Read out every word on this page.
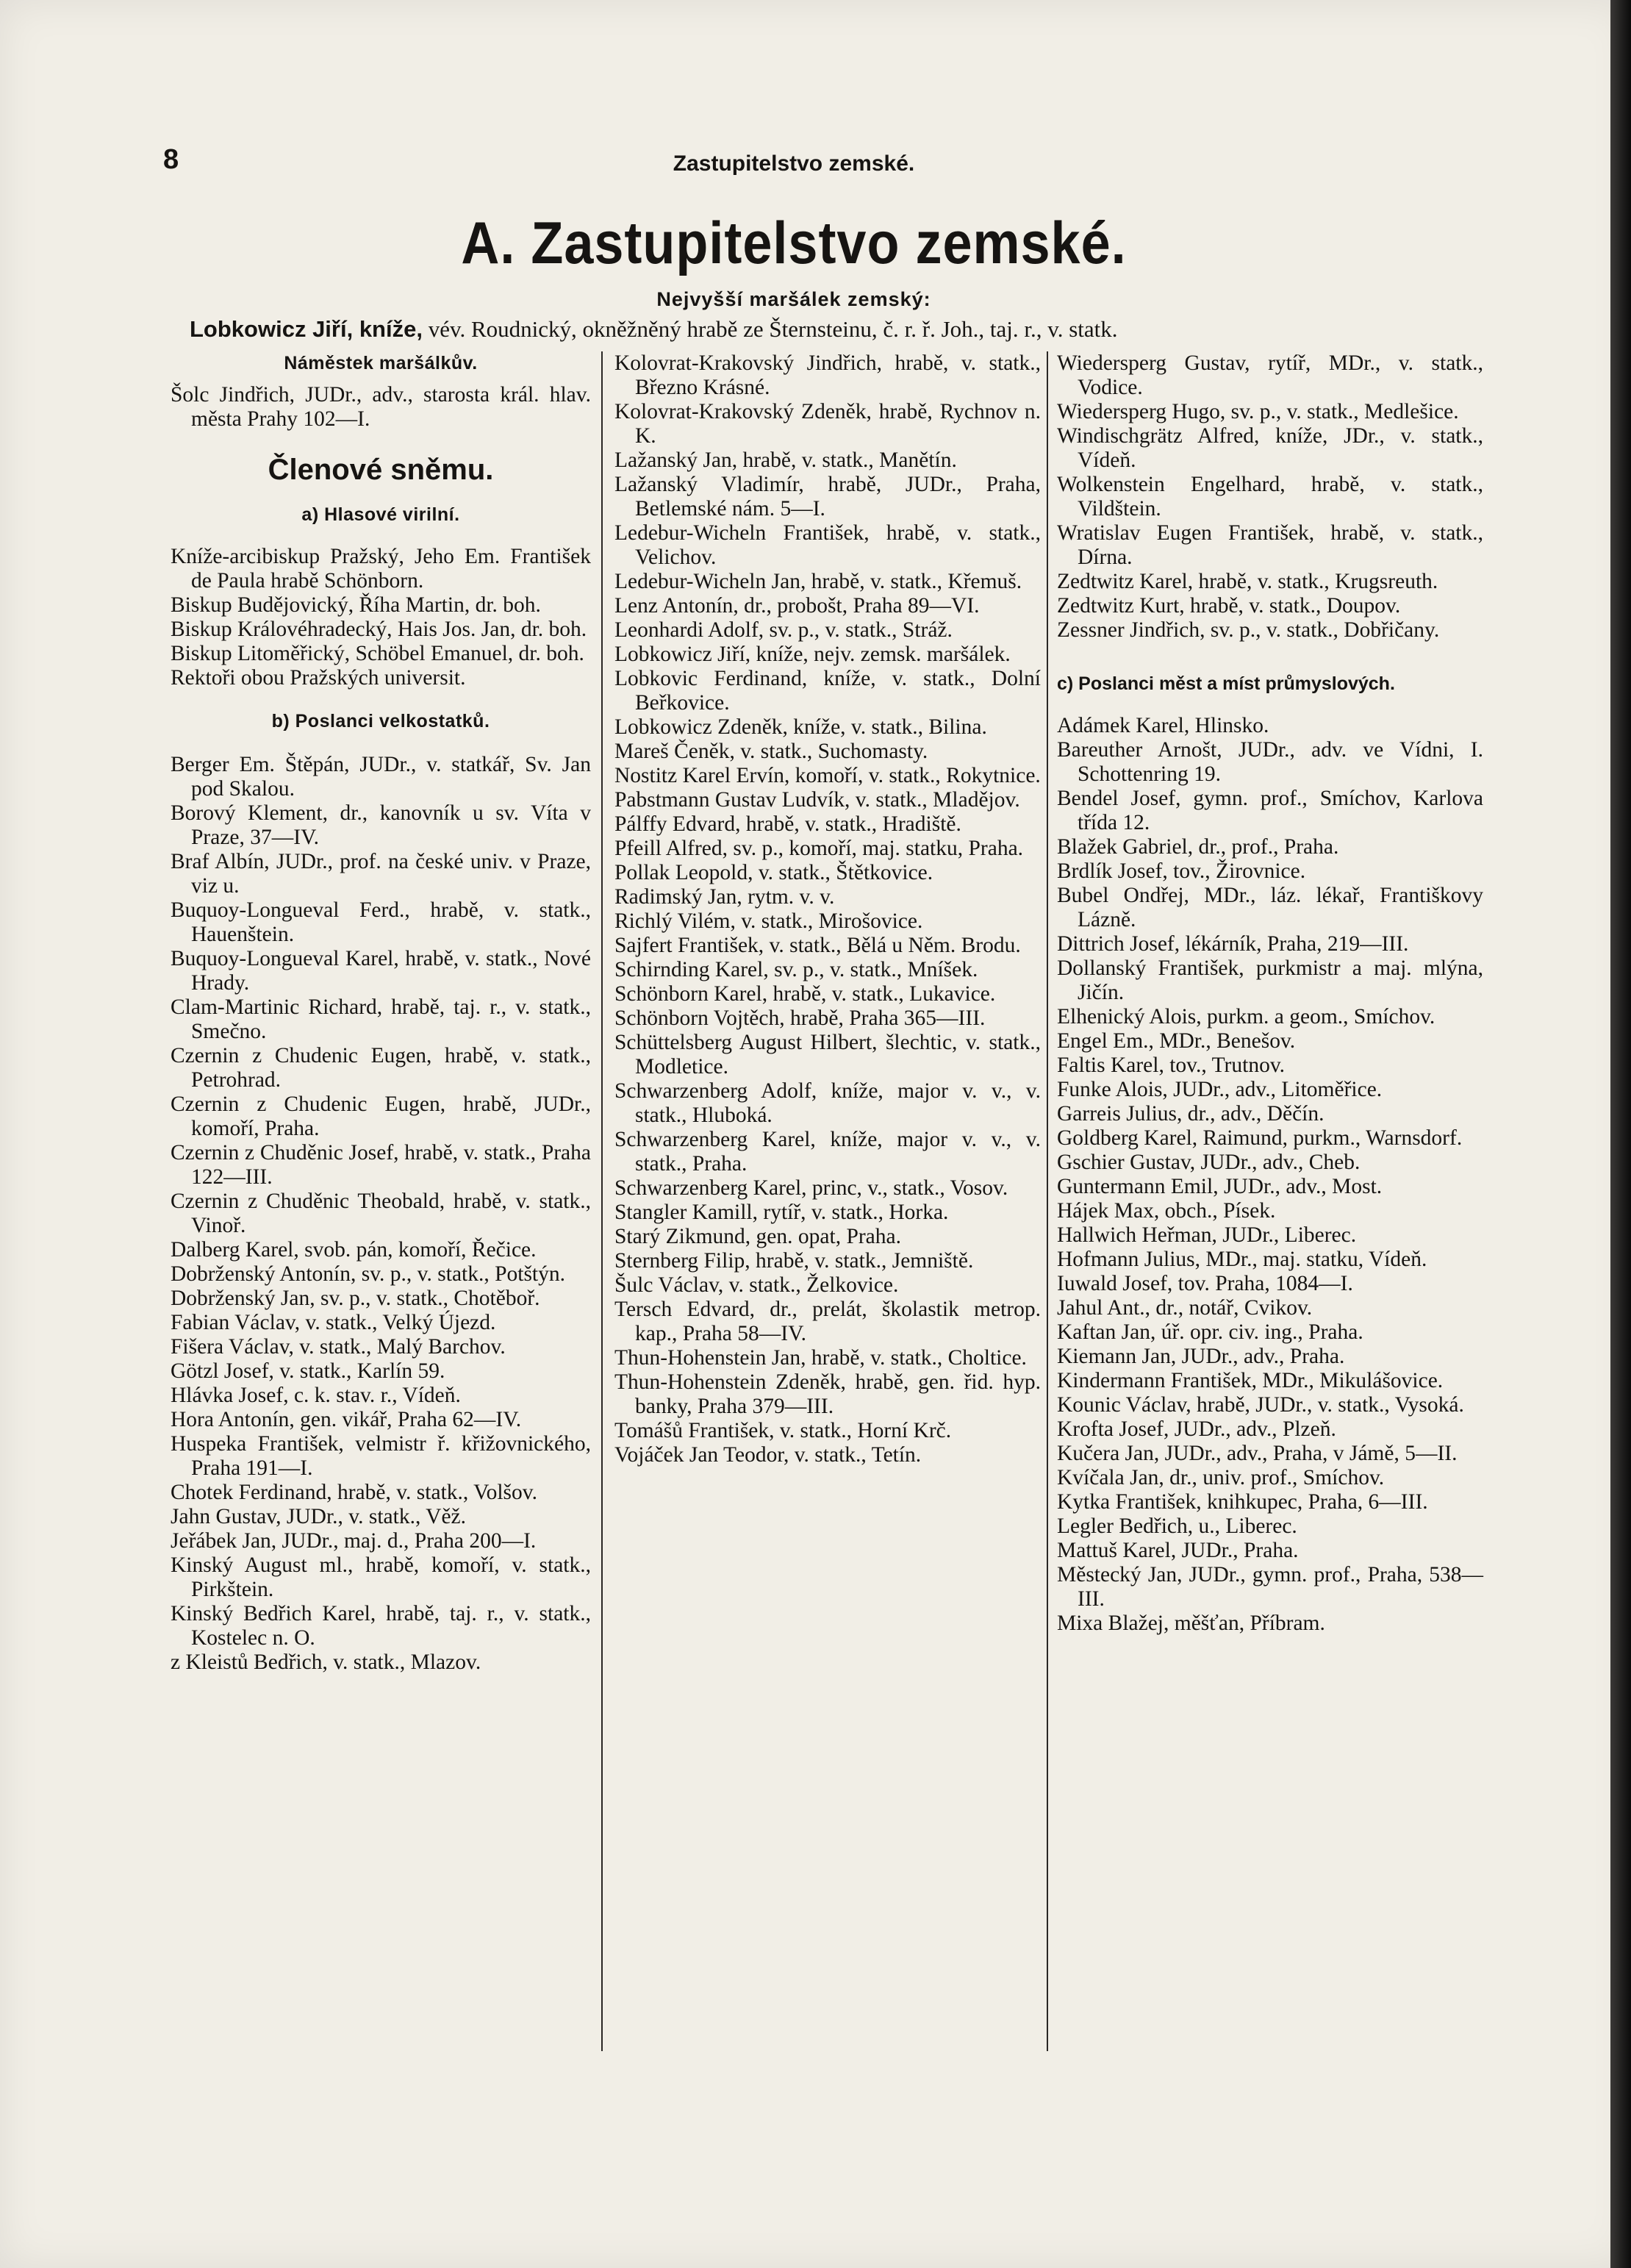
8	Zastupitelstvo zemské.
A. Zastupitelstvo zemské.
Nejvyšší maršálek zemský:
Lobkowicz Jiří, kníže, vév. Roudnický, okněžněný hrabě ze Šternsteinu, č. r. ř. Joh., taj. r., v. statk.
Náměstek maršálkův.

Šolc Jindřich, JUDr., adv., starosta král. hlav. města Prahy 102—I.

Členové sněmu.
a) Hlasové virilní.

Kníže-arcibiskup Pražský, Jeho Em. František de Paula hrabě Schönborn.

Biskup Budějovický, Říha Martin, dr. boh.

Biskup Královéhradecký, Hais Jos. Jan, dr. boh.

Biskup Litoměřický, Schöbel Emanuel, dr. boh.

Rektoři obou Pražských universit.

b) Poslanci velkostatků.

Berger Em. Štěpán, JUDr., v. statkář, Sv. Jan pod Skalou.

Borový Klement, dr., kanovník u sv. Víta v Praze, 37—IV.

Braf Albín, JUDr., prof. na české univ. v Praze, viz u.

Buquoy-Longueval Ferd., hrabě, v. statk., Hauenštein.

Buquoy-Longueval Karel, hrabě, v. statk., Nové Hrady.

Clam-Martinic Richard, hrabě, taj. r., v. statk., Smečno.

Czernin z Chudenic Eugen, hrabě, v. statk., Petrohrad.

Czernin z Chudenic Eugen, hrabě, JUDr., komoří, Praha.

Czernin z Chuděnic Josef, hrabě, v. statk., Praha 122—III.

Czernin z Chuděnic Theobald, hrabě, v. statk., Vinoř.

Dalberg Karel, svob. pán, komoří, Řečice.

Dobrženský Antonín, sv. p., v. statk., Potštýn.

Dobrženský Jan, sv. p., v. statk., Chotěboř.

Fabian Václav, v. statk., Velký Újezd.

Fišera Václav, v. statk., Malý Barchov.

Götzl Josef, v. statk., Karlín 59.

Hlávka Josef, c. k. stav. r., Vídeň.

Hora Antonín, gen. vikář, Praha 62—IV.

Huspeka František, velmistr ř. křižovnického, Praha 191—I.

Chotek Ferdinand, hrabě, v. statk., Volšov.

Jahn Gustav, JUDr., v. statk., Věž.

Jeřábek Jan, JUDr., maj. d., Praha 200—I.

Kinský August ml., hrabě, komoří, v. statk., Pirkštein.

Kinský Bedřich Karel, hrabě, taj. r., v. statk., Kostelec n. O.

z Kleistů Bedřich, v. statk., Mlazov.

Kolovrat-Krakovský Jindřich, hrabě, v. statk., Březno Krásné.

Kolovrat-Krakovský Zdeněk, hrabě, Rychnov n. K.

Lažanský Jan, hrabě, v. statk., Manětín.

Lažanský Vladimír, hrabě, JUDr., Praha, Betlemské nám. 5—I.

Ledebur-Wicheln František, hrabě, v. statk., Velichov.

Ledebur-Wicheln Jan, hrabě, v. statk., Křemuš.

Lenz Antonín, dr., probošt, Praha 89—VI.

Leonhardi Adolf, sv. p., v. statk., Stráž.

Lobkowicz Jiří, kníže, nejv. zemsk. maršálek.

Lobkovic Ferdinand, kníže, v. statk., Dolní Beřkovice.

Lobkowicz Zdeněk, kníže, v. statk., Bilina.

Mareš Čeněk, v. statk., Suchomasty.

Nostitz Karel Ervín, komoří, v. statk., Rokytnice.

Pabstmann Gustav Ludvík, v. statk., Mladějov.

Pálffy Edvard, hrabě, v. statk., Hradiště.

Pfeill Alfred, sv. p., komoří, maj. statku, Praha.

Pollak Leopold, v. statk., Štětkovice.

Radimský Jan, rytm. v. v.

Richlý Vilém, v. statk., Mirošovice.

Sajfert František, v. statk., Bělá u Něm. Brodu.

Schirnding Karel, sv. p., v. statk., Mníšek.

Schönborn Karel, hrabě, v. statk., Lukavice.

Schönborn Vojtěch, hrabě, Praha 365—III.

Schüttelsberg August Hilbert, šlechtic, v. statk., Modletice.

Schwarzenberg Adolf, kníže, major v. v., v. statk., Hluboká.

Schwarzenberg Karel, kníže, major v. v., v. statk., Praha.

Schwarzenberg Karel, princ, v., statk., Vosov.

Stangler Kamill, rytíř, v. statk., Horka.

Starý Zikmund, gen. opat, Praha.

Sternberg Filip, hrabě, v. statk., Jemniště.

Šulc Václav, v. statk., Želkovice.

Tersch Edvard, dr., prelát, školastik metrop. kap., Praha 58—IV.

Thun-Hohenstein Jan, hrabě, v. statk., Choltice.

Thun-Hohenstein Zdeněk, hrabě, gen. řid. hyp. banky, Praha 379—III.

Tomášů František, v. statk., Horní Krč.

Vojáček Jan Teodor, v. statk., Tetín.

Wiedersperg Gustav, rytíř, MDr., v. statk., Vodice.

Wiedersperg Hugo, sv. p., v. statk., Medlešice.

Windischgrätz Alfred, kníže, JDr., v. statk., Vídeň.

Wolkenstein Engelhard, hrabě, v. statk., Vildštein.

Wratislav Eugen František, hrabě, v. statk., Dírna.

Zedtwitz Karel, hrabě, v. statk., Krugsreuth.

Zedtwitz Kurt, hrabě, v. statk., Doupov.

Zessner Jindřich, sv. p., v. statk., Dobřičany.

c) Poslanci měst a míst průmyslových.

Adámek Karel, Hlinsko.

Bareuther Arnošt, JUDr., adv. ve Vídni, I. Schottenring 19.

Bendel Josef, gymn. prof., Smíchov, Karlova třída 12.

Blažek Gabriel, dr., prof., Praha.

Brdlík Josef, tov., Žirovnice.

Bubel Ondřej, MDr., láz. lékař, Františkovy Lázně.

Dittrich Josef, lékárník, Praha, 219—III.

Dollanský František, purkmistr a maj. mlýna, Jičín.

Elhenický Alois, purkm. a geom., Smíchov.

Engel Em., MDr., Benešov.

Faltis Karel, tov., Trutnov.

Funke Alois, JUDr., adv., Litoměřice.

Garreis Julius, dr., adv., Děčín.

Goldberg Karel, Raimund, purkm., Warnsdorf.

Gschier Gustav, JUDr., adv., Cheb.

Guntermann Emil, JUDr., adv., Most.

Hájek Max, obch., Písek.

Hallwich Heřman, JUDr., Liberec.

Hofmann Julius, MDr., maj. statku, Vídeň.

Iuwald Josef, tov. Praha, 1084—I.

Jahul Ant., dr., notář, Cvikov.

Kaftan Jan, úř. opr. civ. ing., Praha.

Kiemann Jan, JUDr., adv., Praha.

Kindermann František, MDr., Mikulášovice.

Kounic Václav, hrabě, JUDr., v. statk., Vysoká.

Krofta Josef, JUDr., adv., Plzeň.

Kučera Jan, JUDr., adv., Praha, v Jámě, 5—II.

Kvíčala Jan, dr., univ. prof., Smíchov.

Kytka František, knihkupec, Praha, 6—III.

Legler Bedřich, u., Liberec.

Mattuš Karel, JUDr., Praha.

Městecký Jan, JUDr., gymn. prof., Praha, 538—III.

Mixa Blažej, měšťan, Příbram.
